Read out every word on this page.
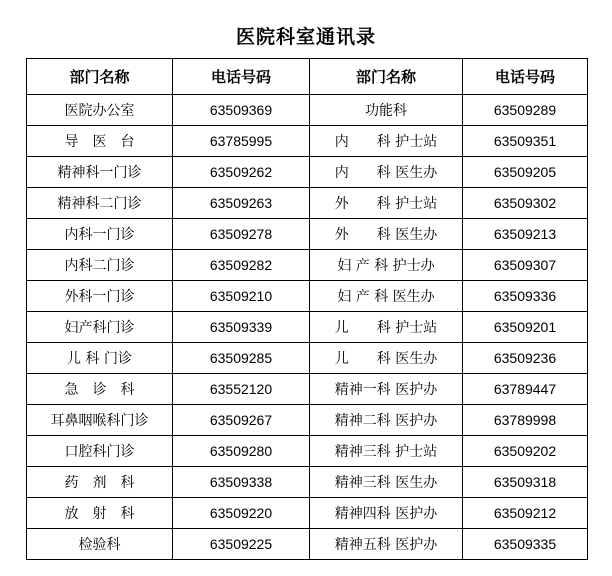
医院科室通讯录
部门名称	电话号码	部门名称	电话号码
医院办公室	63509369	功能科	63509289
导　医　台	63785995	内　　科 护士站	63509351
精神科一门诊	63509262	内　　科 医生办	63509205
精神科二门诊	63509263	外　　科 护士站	63509302
内科一门诊	63509278	外　　科 医生办	63509213
内科二门诊	63509282	妇 产 科 护士办	63509307
外科一门诊	63509210	妇 产 科 医生办	63509336
妇产科门诊	63509339	儿　　科 护士站	63509201
儿 科 门诊	63509285	儿　　科 医生办	63509236
急　诊　科	63552120	精神一科 医护办	63789447
耳鼻咽喉科门诊	63509267	精神二科 医护办	63789998
口腔科门诊	63509280	精神三科 护士站	63509202
药　剂　科	63509338	精神三科 医生办	63509318
放　射　科	63509220	精神四科 医护办	63509212
检验科	63509225	精神五科 医护办	63509335
